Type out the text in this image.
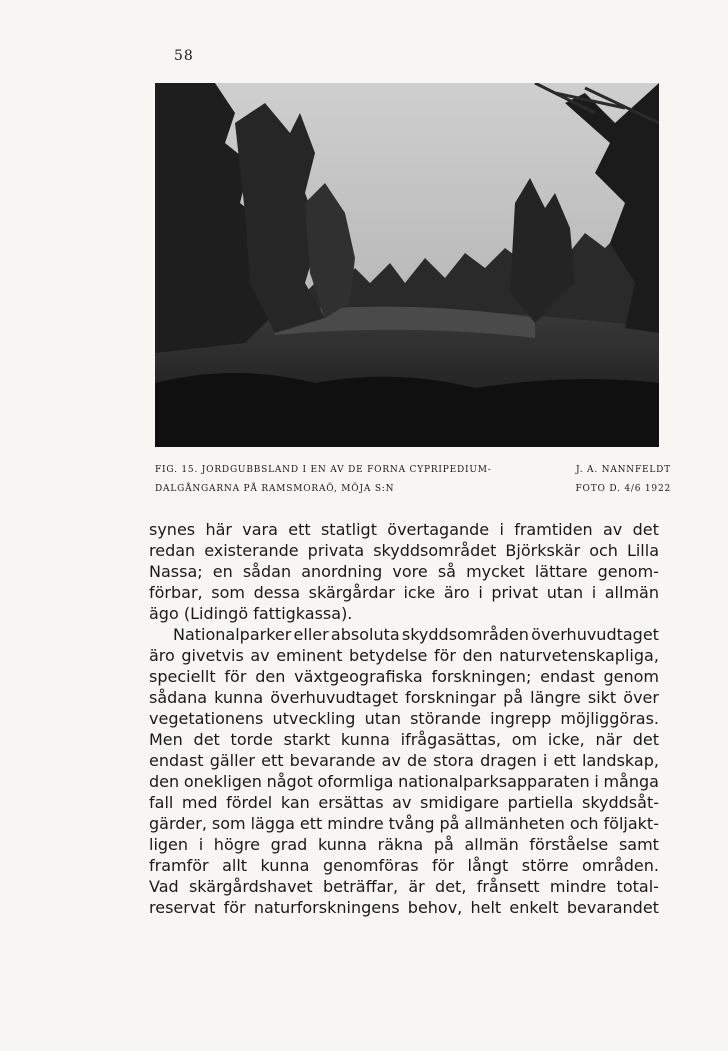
58
FIG. 15. JORDGUBBSLAND I EN AV DE FORNA CYPRIPEDIUM-
DALGÅNGARNA PÅ RAMSMORAÖ, MÖJA S:N
J. A. NANNFELDT
FOTO D. 4/6 1922
synes här vara ett statligt övertagande i framtiden av det
redan existerande privata skyddsområdet Björkskär och Lilla
Nassa; en sådan anordning vore så mycket lättare genom-
förbar, som dessa skärgårdar icke äro i privat utan i allmän
ägo (Lidingö fattigkassa).
Nationalparker eller absoluta skyddsområden överhuvudtaget
äro givetvis av eminent betydelse för den naturvetenskapliga,
speciellt för den växtgeografiska forskningen; endast genom
sådana kunna överhuvudtaget forskningar på längre sikt över
vegetationens utveckling utan störande ingrepp möjliggöras.
Men det torde starkt kunna ifrågasättas, om icke, när det
endast gäller ett bevarande av de stora dragen i ett landskap,
den onekligen något oformliga nationalparksapparaten i många
fall med fördel kan ersättas av smidigare partiella skyddsåt-
gärder, som lägga ett mindre tvång på allmänheten och följakt-
ligen i högre grad kunna räkna på allmän förståelse samt
framför allt kunna genomföras för långt större områden.
Vad skärgårdshavet beträffar, är det, frånsett mindre total-
reservat för naturforskningens behov, helt enkelt bevarandet
